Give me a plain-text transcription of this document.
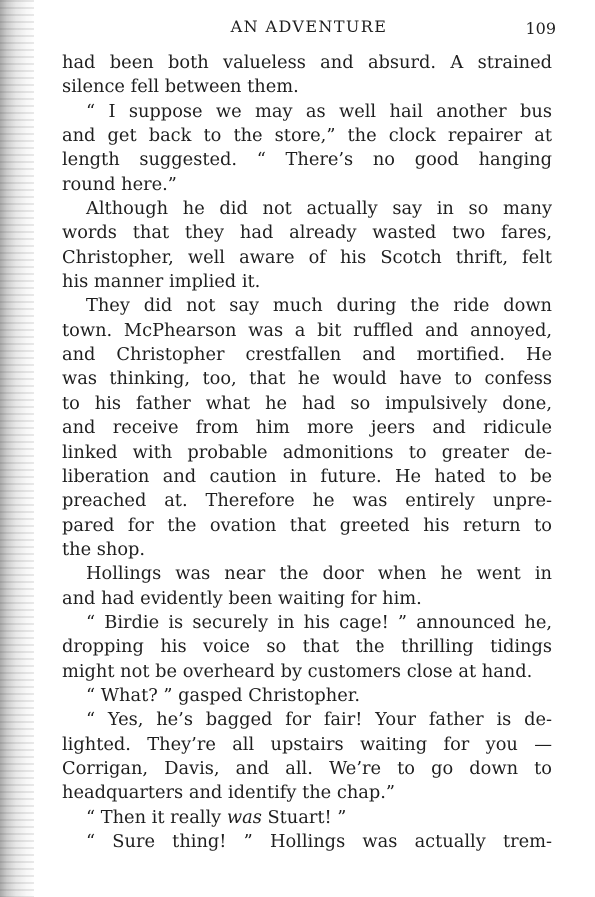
AN ADVENTURE	109
had been both valueless and absurd. A strained
silence fell between them.
“ I suppose we may as well hail another bus
and get back to the store,” the clock repairer at
length suggested. “ There’s no good hanging
round here.”
Although he did not actually say in so many
words that they had already wasted two fares,
Christopher, well aware of his Scotch thrift, felt
his manner implied it.
They did not say much during the ride down
town. McPhearson was a bit ruffled and annoyed,
and Christopher crestfallen and mortified. He
was thinking, too, that he would have to confess
to his father what he had so impulsively done,
and receive from him more jeers and ridicule
linked with probable admonitions to greater de-
liberation and caution in future. He hated to be
preached at. Therefore he was entirely unpre-
pared for the ovation that greeted his return to
the shop.
Hollings was near the door when he went in
and had evidently been waiting for him.
“ Birdie is securely in his cage! ” announced he,
dropping his voice so that the thrilling tidings
might not be overheard by customers close at hand.
“ What? ” gasped Christopher.
“ Yes, he’s bagged for fair! Your father is de-
lighted. They’re all upstairs waiting for you —
Corrigan, Davis, and all. We’re to go down to
headquarters and identify the chap.”
“ Then it really was Stuart! ”
“ Sure thing! ” Hollings was actually trem-
